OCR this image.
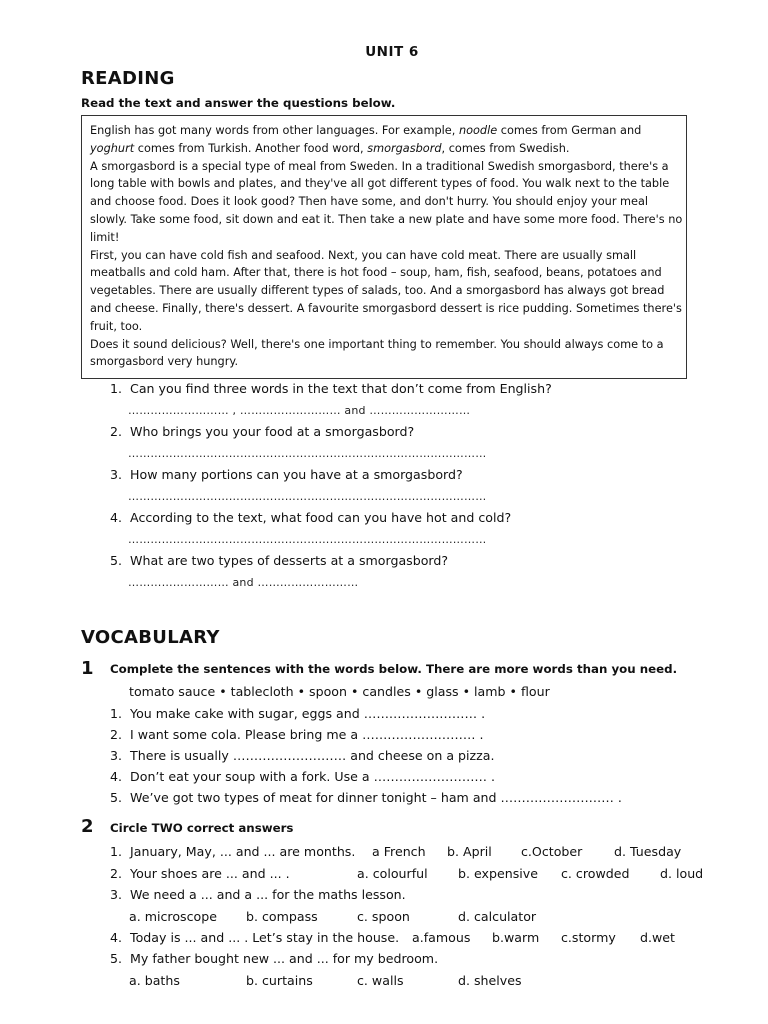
UNIT 6
READING
Read the text and answer the questions below.

English has got many words from other languages. For example, noodle comes from German and yoghurt comes from Turkish. Another food word, smorgasbord, comes from Swedish.

A smorgasbord is a special type of meal from Sweden. In a traditional Swedish smorgasbord, there's a long table with bowls and plates, and they've all got different types of food. You walk next to the table and choose food. Does it look good? Then have some, and don't hurry. You should enjoy your meal slowly. Take some food, sit down and eat it. Then take a new plate and have some more food. There's no limit!

First, you can have cold fish and seafood. Next, you can have cold meat. There are usually small meatballs and cold ham. After that, there is hot food – soup, ham, fish, seafood, beans, potatoes and vegetables. There are usually different types of salads, too. And a smorgasbord has always got bread and cheese. Finally, there's dessert. A favourite smorgasbord dessert is rice pudding. Sometimes there's fruit, too.

Does it sound delicious? Well, there's one important thing to remember. You should always come to a smorgasbord very hungry.

1. Can you find three words in the text that don’t come from English?
……………………… , ……………………… and ………………………
2. Who brings you your food at a smorgasbord?
……………………………………………………………………………………
3. How many portions can you have at a smorgasbord?
……………………………………………………………………………………
4. According to the text, what food can you have hot and cold?
……………………………………………………………………………………
5. What are two types of desserts at a smorgasbord?
……………………… and ………………………
VOCABULARY
1 Complete the sentences with the words below. There are more words than you need.
tomato sauce • tablecloth • spoon • candles • glass • lamb • flour
1. You make cake with sugar, eggs and ……………………… .
2. I want some cola. Please bring me a ……………………… .
3. There is usually ……………………… and cheese on a pizza.
4. Don’t eat your soup with a fork. Use a ……………………… .
5. We’ve got two types of meat for dinner tonight – ham and ……………………… .
2 Circle TWO correct answers
1. January, May, ... and ... are months. a French b. April c.October	d. Tuesday
2. Your shoes are ... and ... .	a. colourful b. expensive c. crowded d. loud
3. We need a ... and a ... for the maths lesson.
a. microscope b. compass	c. spoon	d. calculator
4. Today is ... and ... . Let’s stay in the house. a.famous b.warm c.stormy d.wet
5. My father bought new ... and ... for my bedroom.
a. baths	b. curtains	c. walls	d. shelves
